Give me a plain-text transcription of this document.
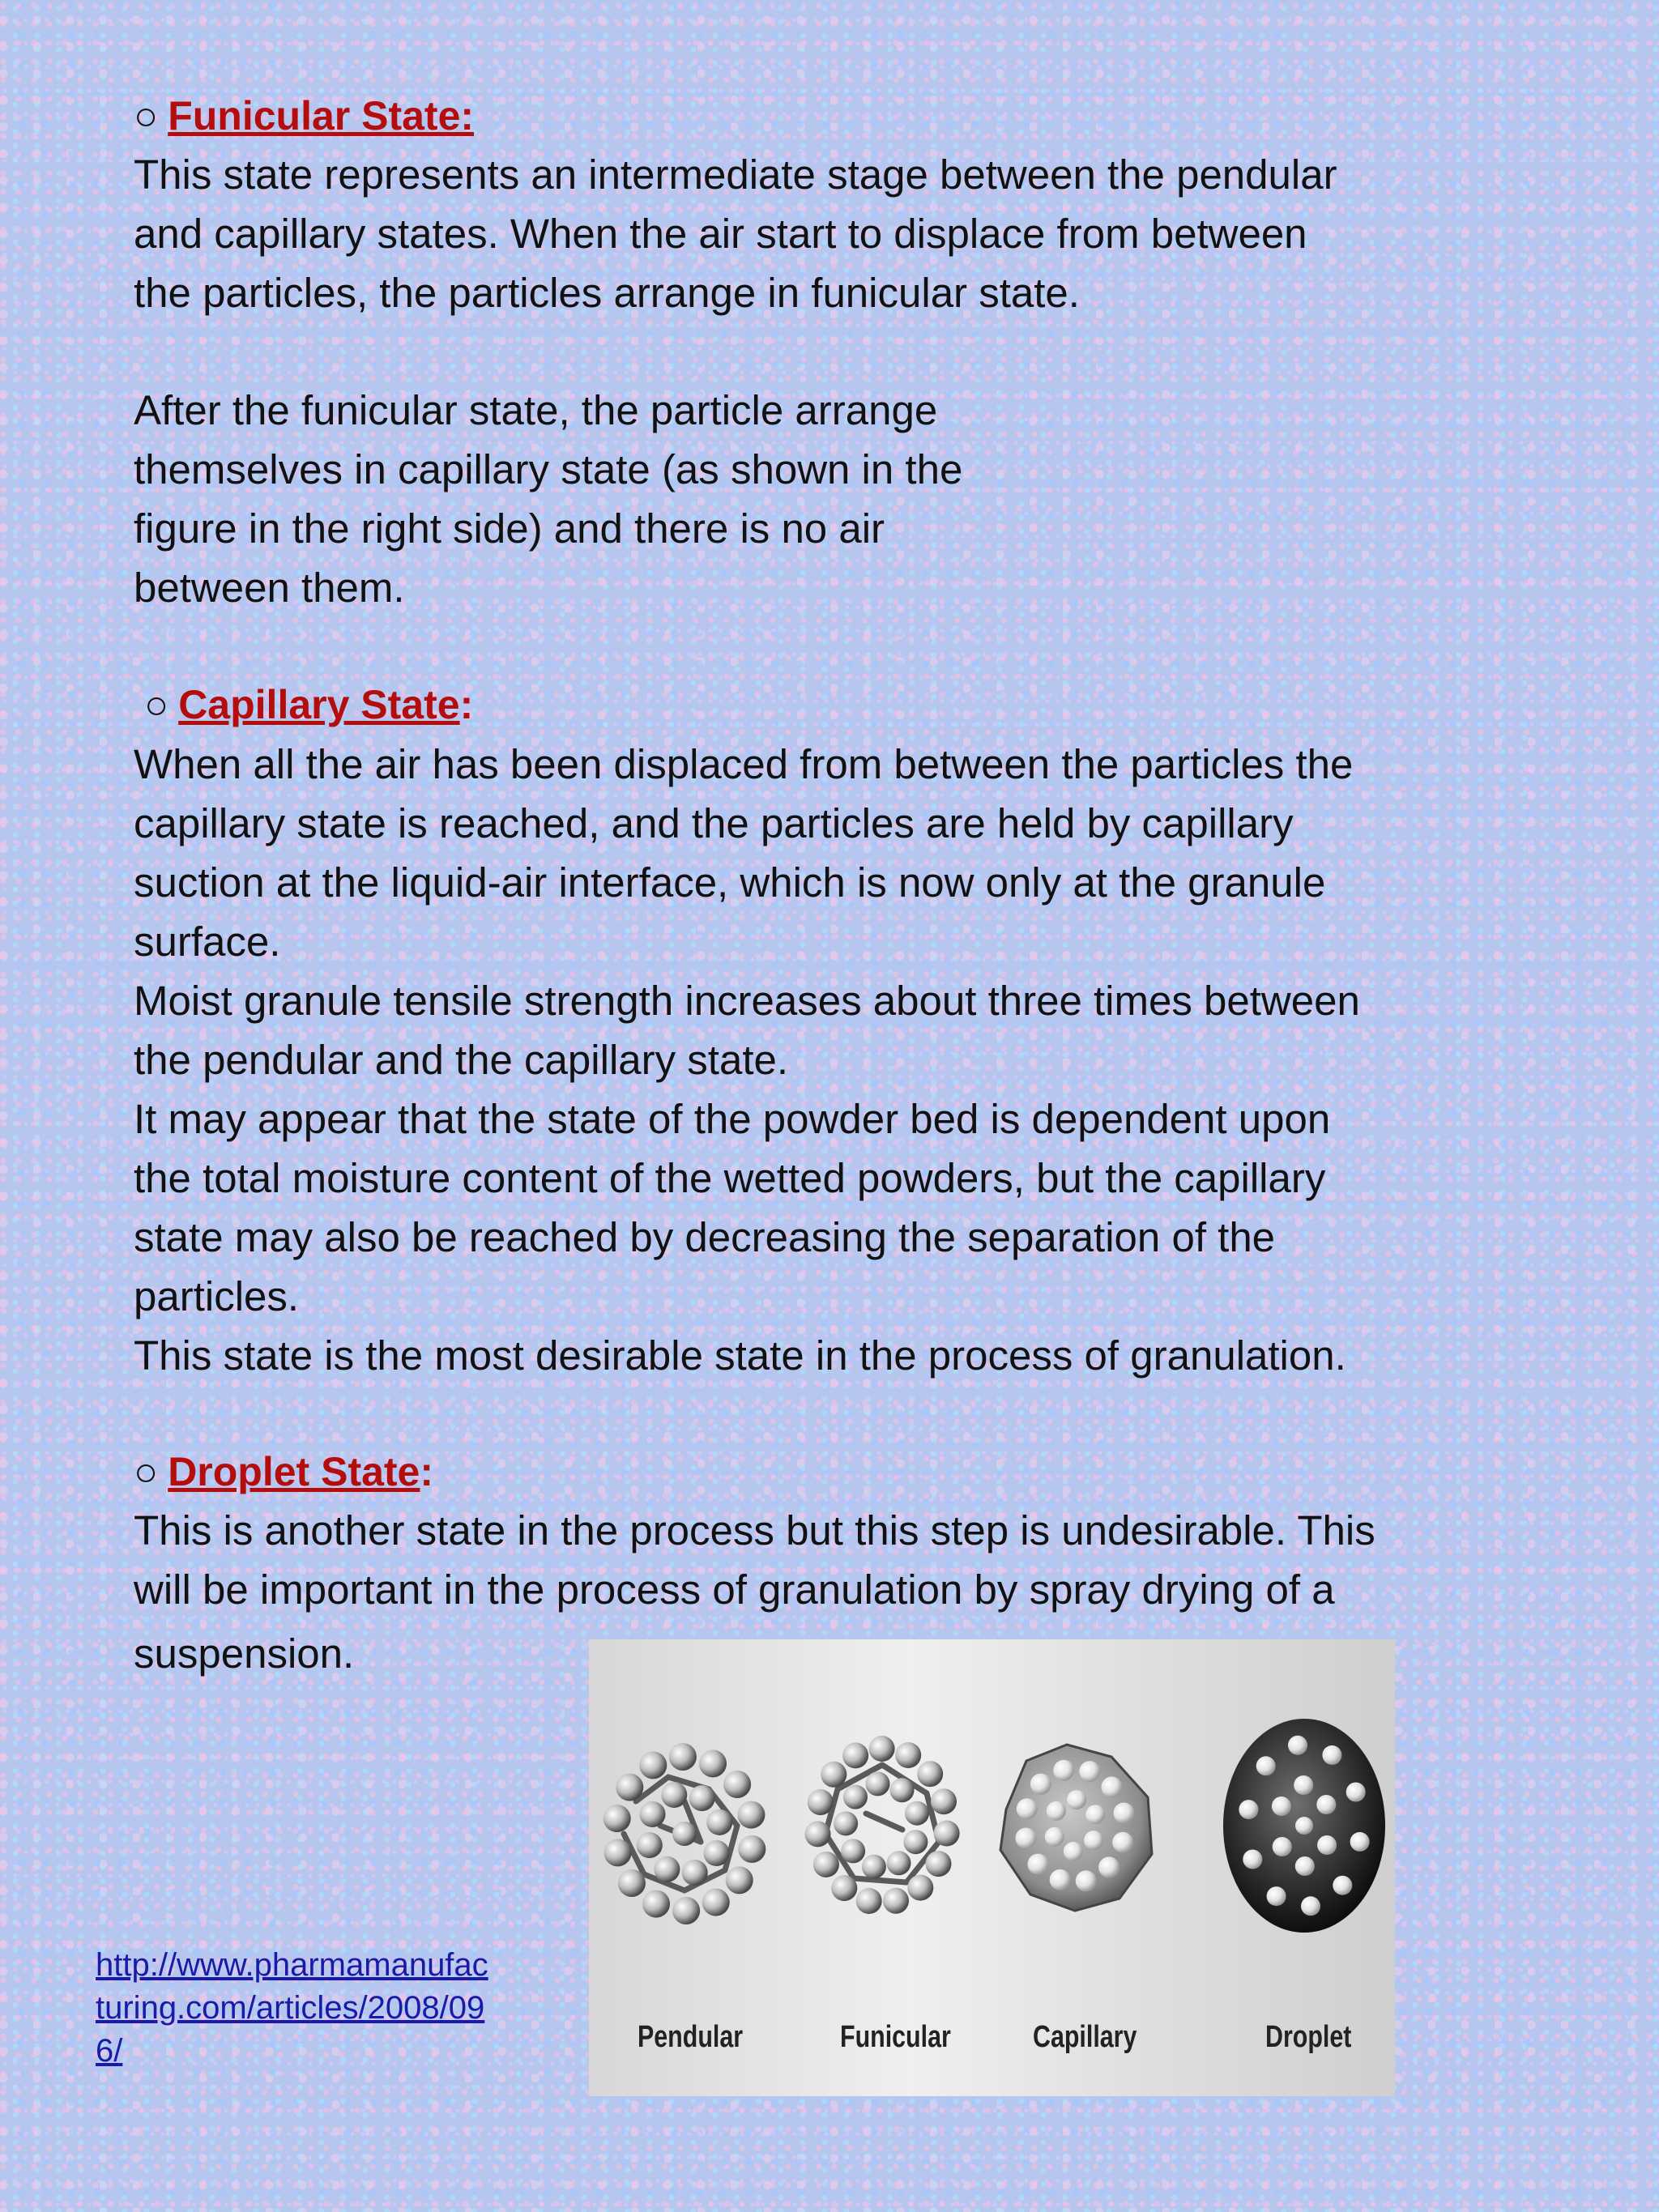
○ Funicular State:
This state represents an intermediate stage between the pendular
and capillary states. When the air start to displace from between
the particles, the particles arrange in funicular state.
After the funicular state, the particle arrange
themselves in capillary state (as shown in the
figure in the right side) and there is no air
between them.
○ Capillary State:
When all the air has been displaced from between the particles the
capillary state is reached, and the particles are held by capillary
suction at the liquid-air interface, which is now only at the granule
surface.
Moist granule tensile strength increases about three times between
the pendular and the capillary state.
It may appear that the state of the powder bed is dependent upon
the total moisture content of the wetted powders, but the capillary
state may also be reached by decreasing the separation of the
particles.
This state is the most desirable state in the process of granulation.
○ Droplet State:
This is another state in the process but this step is undesirable. This
will be important in the process of granulation by spray drying of a
suspension.
http://www.pharmamanufac
turing.com/articles/2008/09
6/	Pendular	Funicular	Capillary	Droplet
